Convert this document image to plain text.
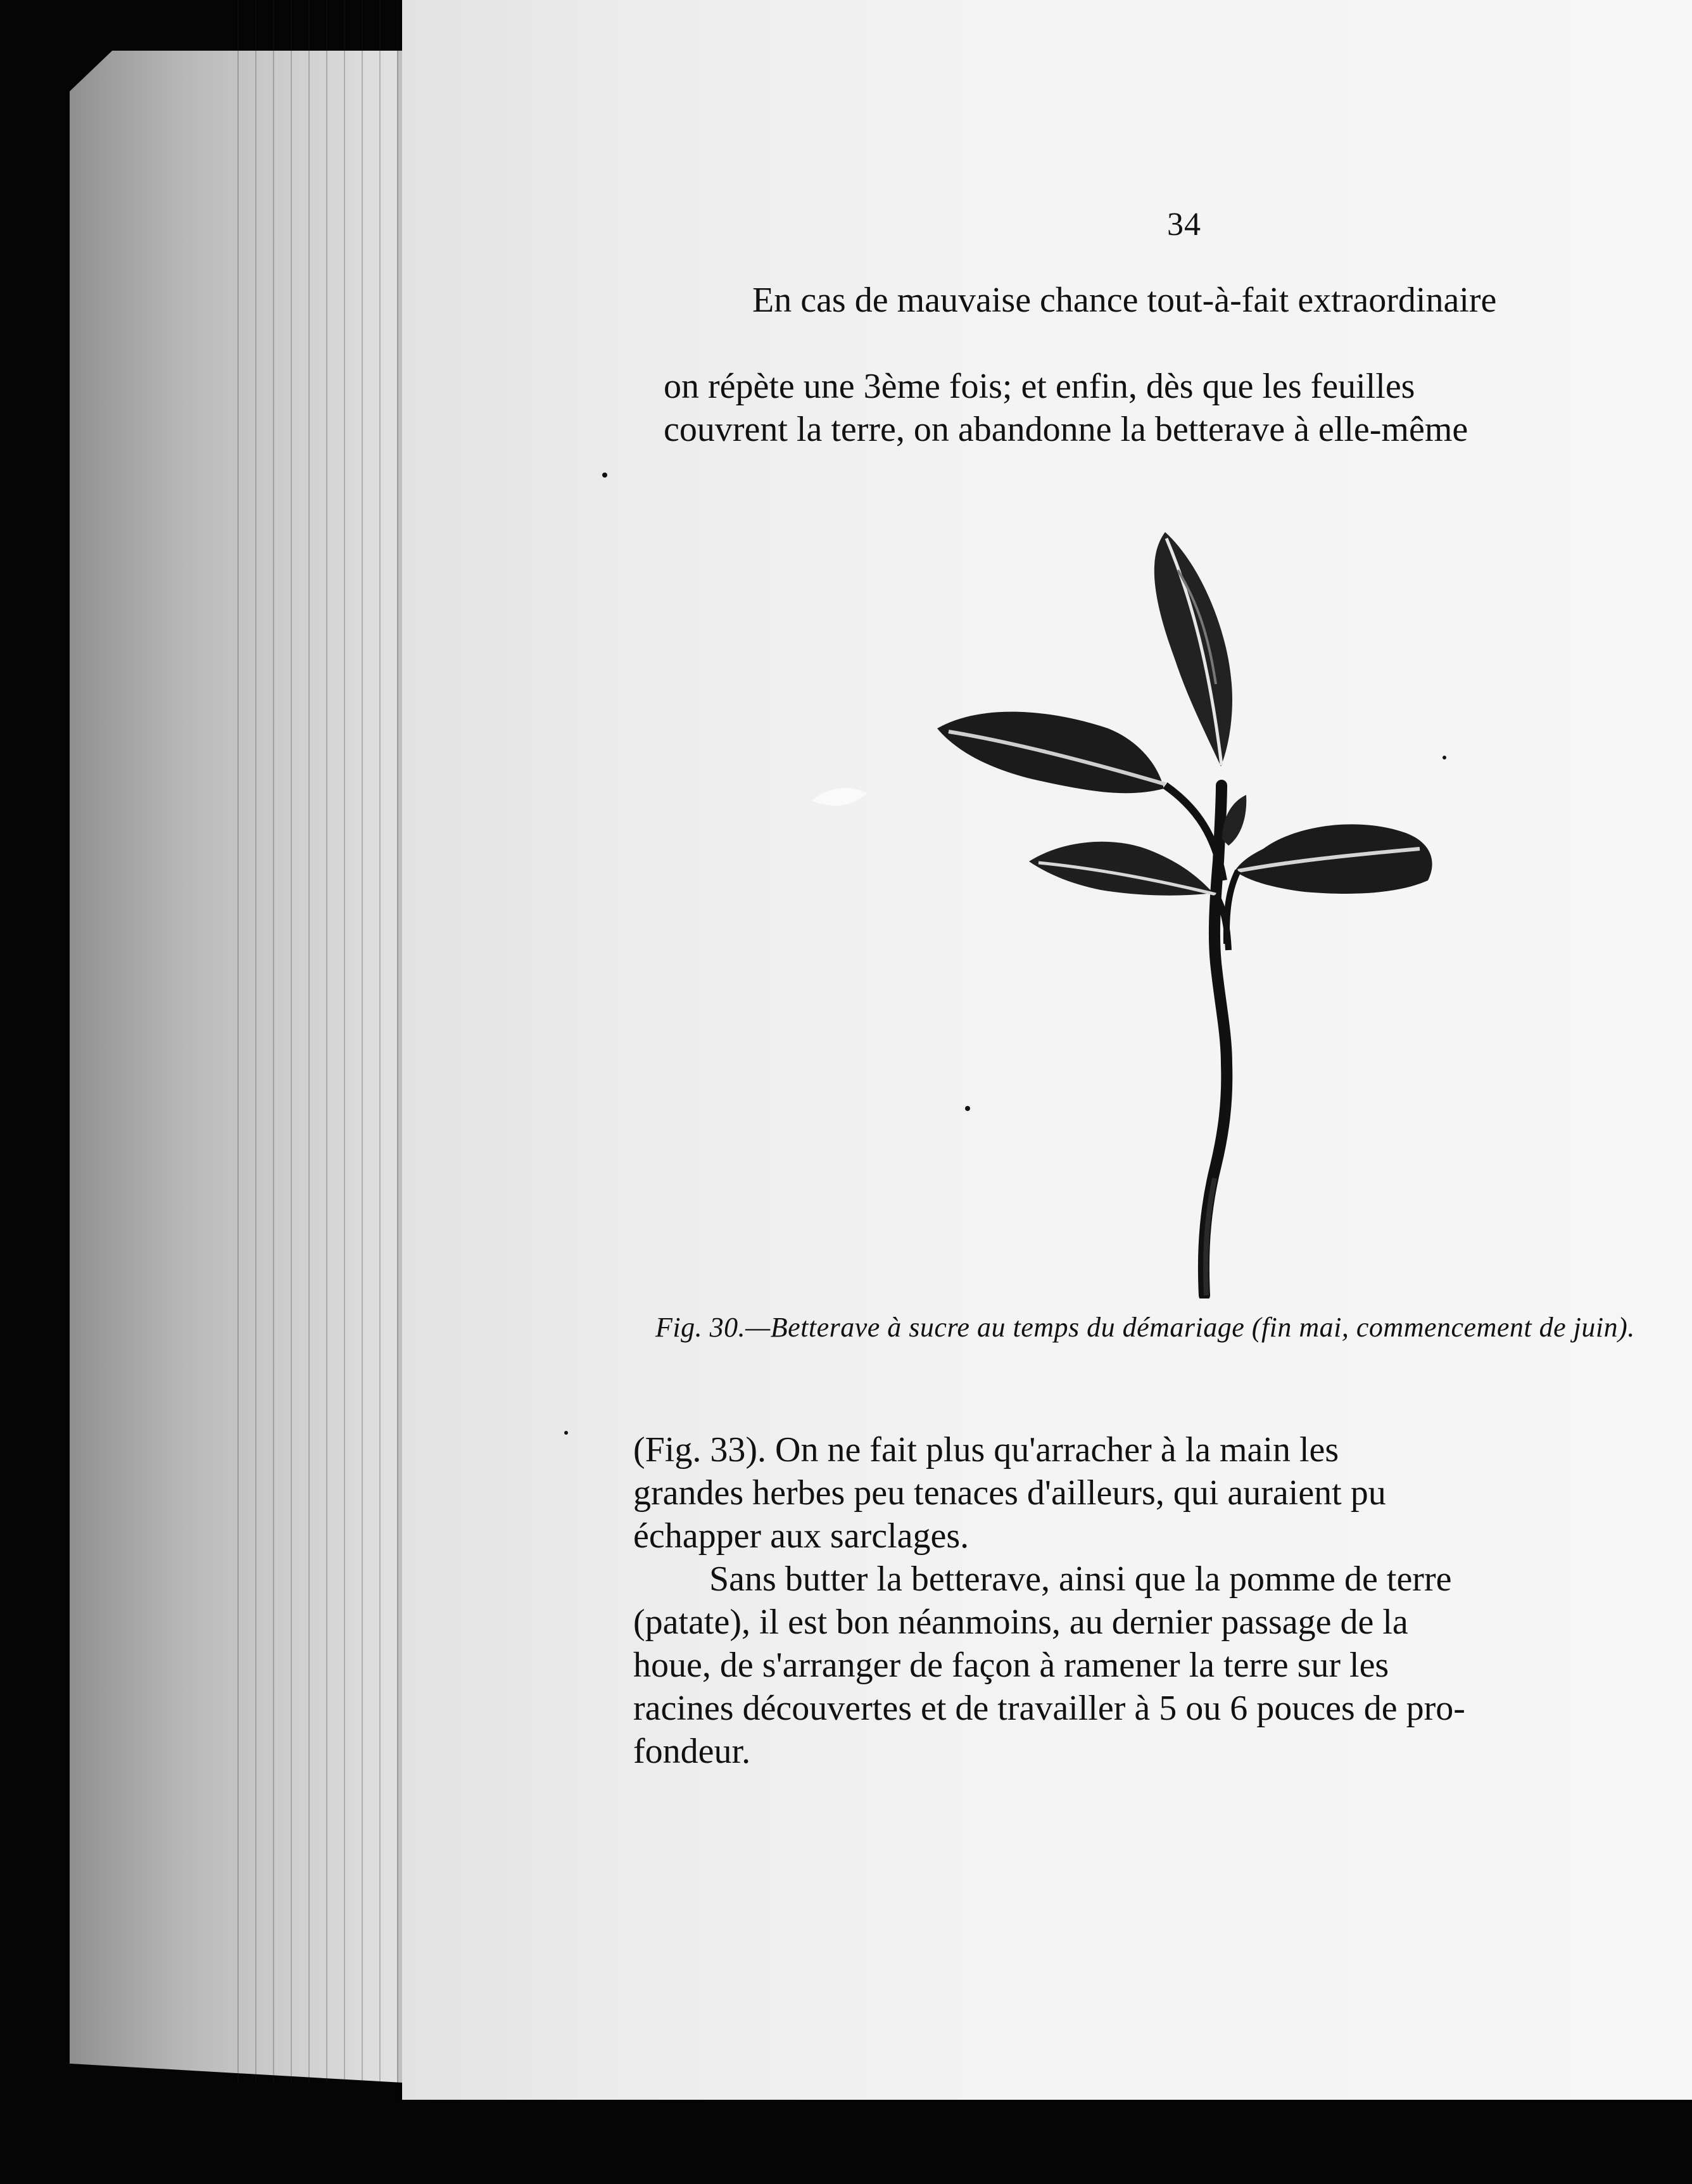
34
En cas de mauvaise chance tout-à-fait extraordinaire

on répète une 3ème fois; et enfin, dès que les feuilles
couvrent la terre, on abandonne la betterave à elle-même
Fig. 30.—Betterave à sucre au temps du démariage (fin mai, commencement de juin).
(Fig. 33). On ne fait plus qu'arracher à la main les
grandes herbes peu tenaces d'ailleurs, qui auraient pu
échapper aux sarclages.

Sans butter la betterave, ainsi que la pomme de terre
(patate), il est bon néanmoins, au dernier passage de la
houe, de s'arranger de façon à ramener la terre sur les
racines découvertes et de travailler à 5 ou 6 pouces de pro-
fondeur.
